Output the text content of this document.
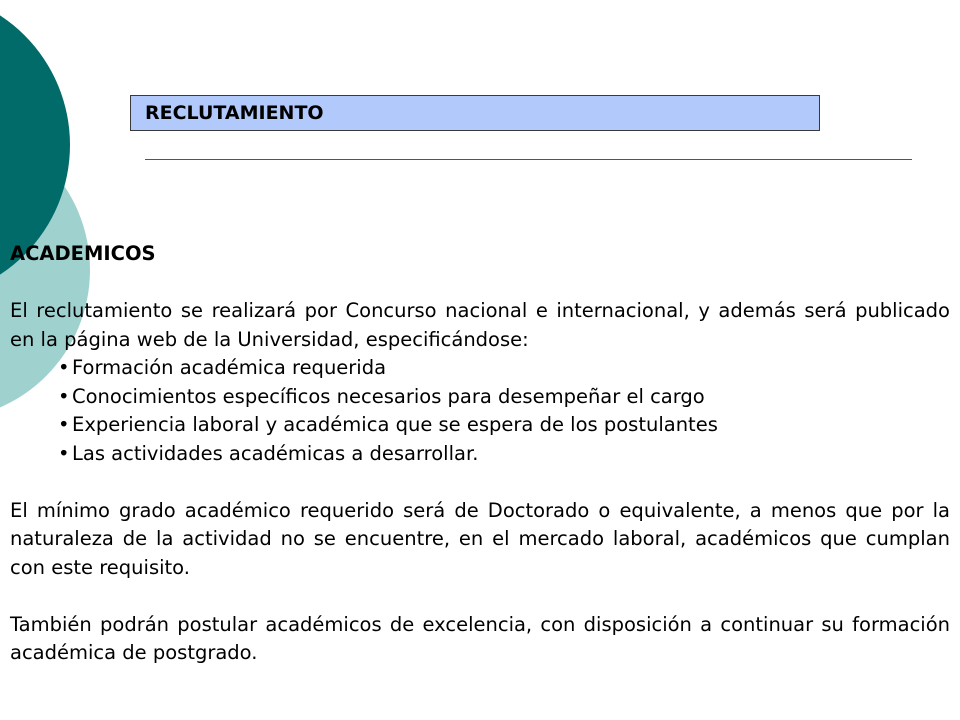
RECLUTAMIENTO

ACADEMICOS

El reclutamiento se realizará por Concurso nacional e internacional, y además será publicado en la página web de la Universidad, especificándose:

• Formación académica requerida
• Conocimientos específicos necesarios para desempeñar el cargo
• Experiencia laboral y académica que se espera de los postulantes
• Las actividades académicas a desarrollar.

El mínimo grado académico requerido será de Doctorado o equivalente, a menos que por la naturaleza de la actividad no se encuentre, en el mercado laboral, académicos que cumplan con este requisito.

También podrán postular académicos de excelencia, con disposición a continuar su formación académica de postgrado.
